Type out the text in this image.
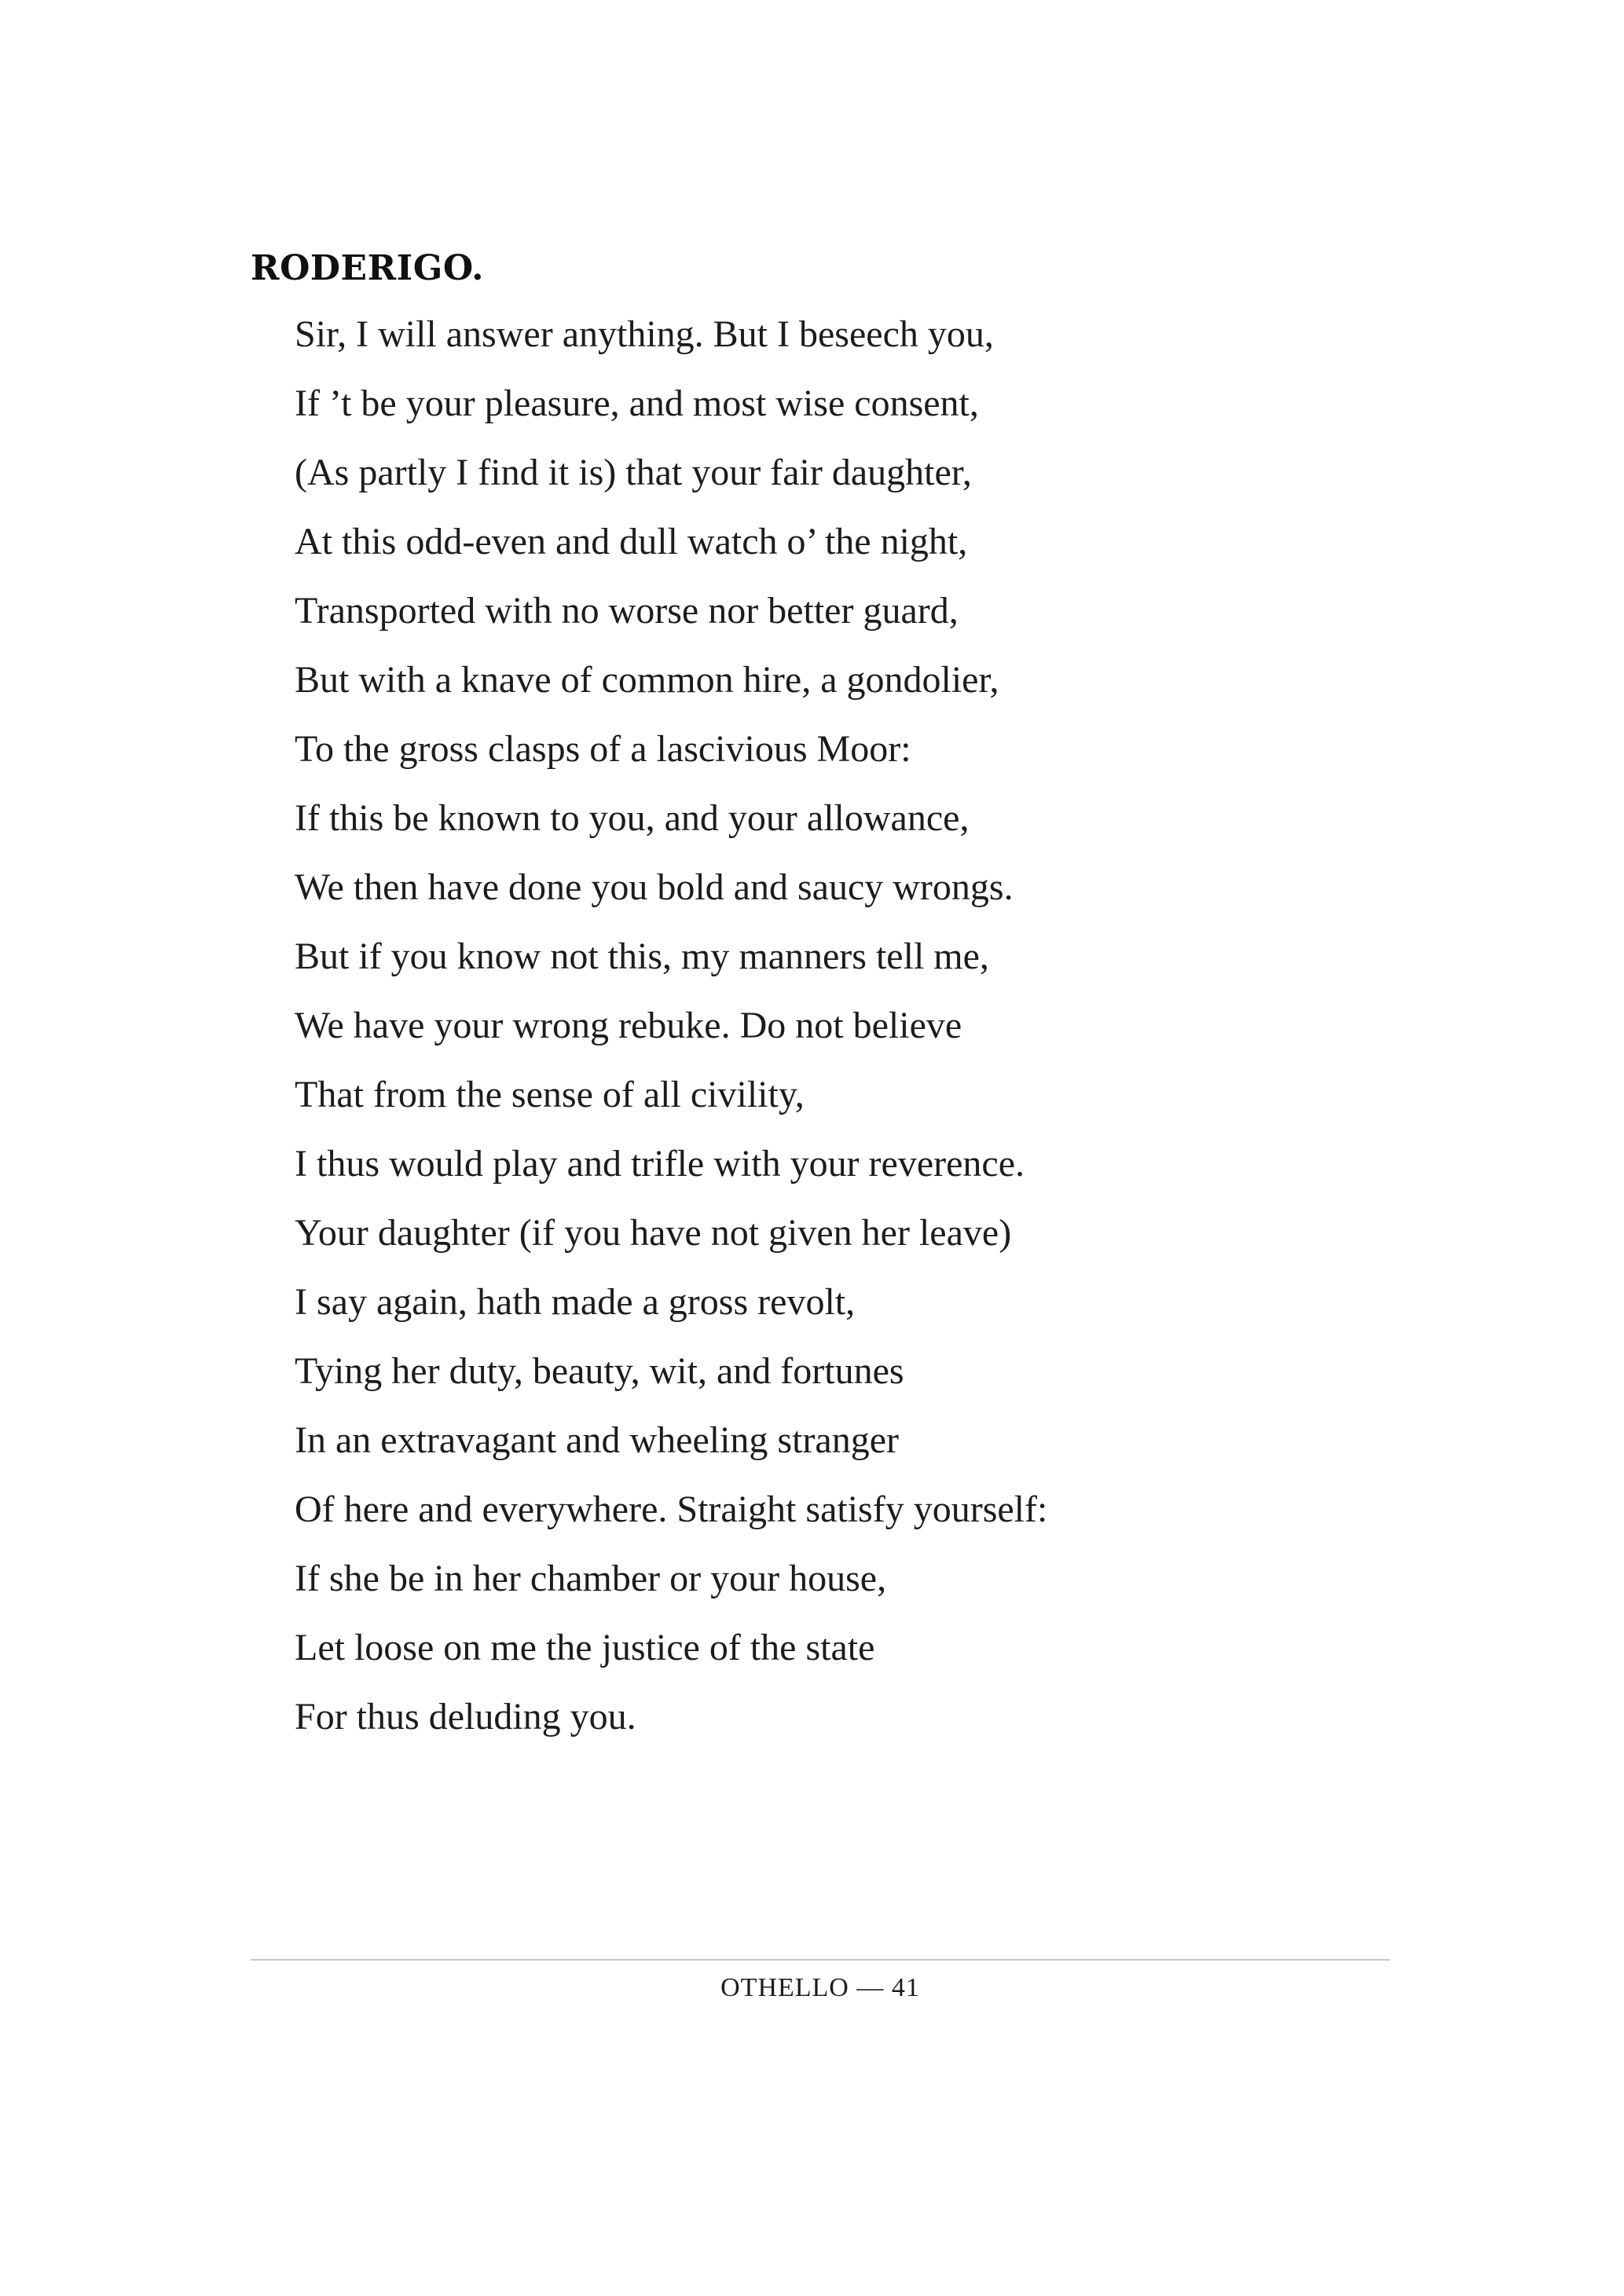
RODERIGO.
Sir, I will answer anything. But I beseech you,
If ’t be your pleasure, and most wise consent,
(As partly I find it is) that your fair daughter,
At this odd-even and dull watch o’ the night,
Transported with no worse nor better guard,
But with a knave of common hire, a gondolier,
To the gross clasps of a lascivious Moor:
If this be known to you, and your allowance,
We then have done you bold and saucy wrongs.
But if you know not this, my manners tell me,
We have your wrong rebuke. Do not believe
That from the sense of all civility,
I thus would play and trifle with your reverence.
Your daughter (if you have not given her leave)
I say again, hath made a gross revolt,
Tying her duty, beauty, wit, and fortunes
In an extravagant and wheeling stranger
Of here and everywhere. Straight satisfy yourself:
If she be in her chamber or your house,
Let loose on me the justice of the state
For thus deluding you.
OTHELLO — 41
